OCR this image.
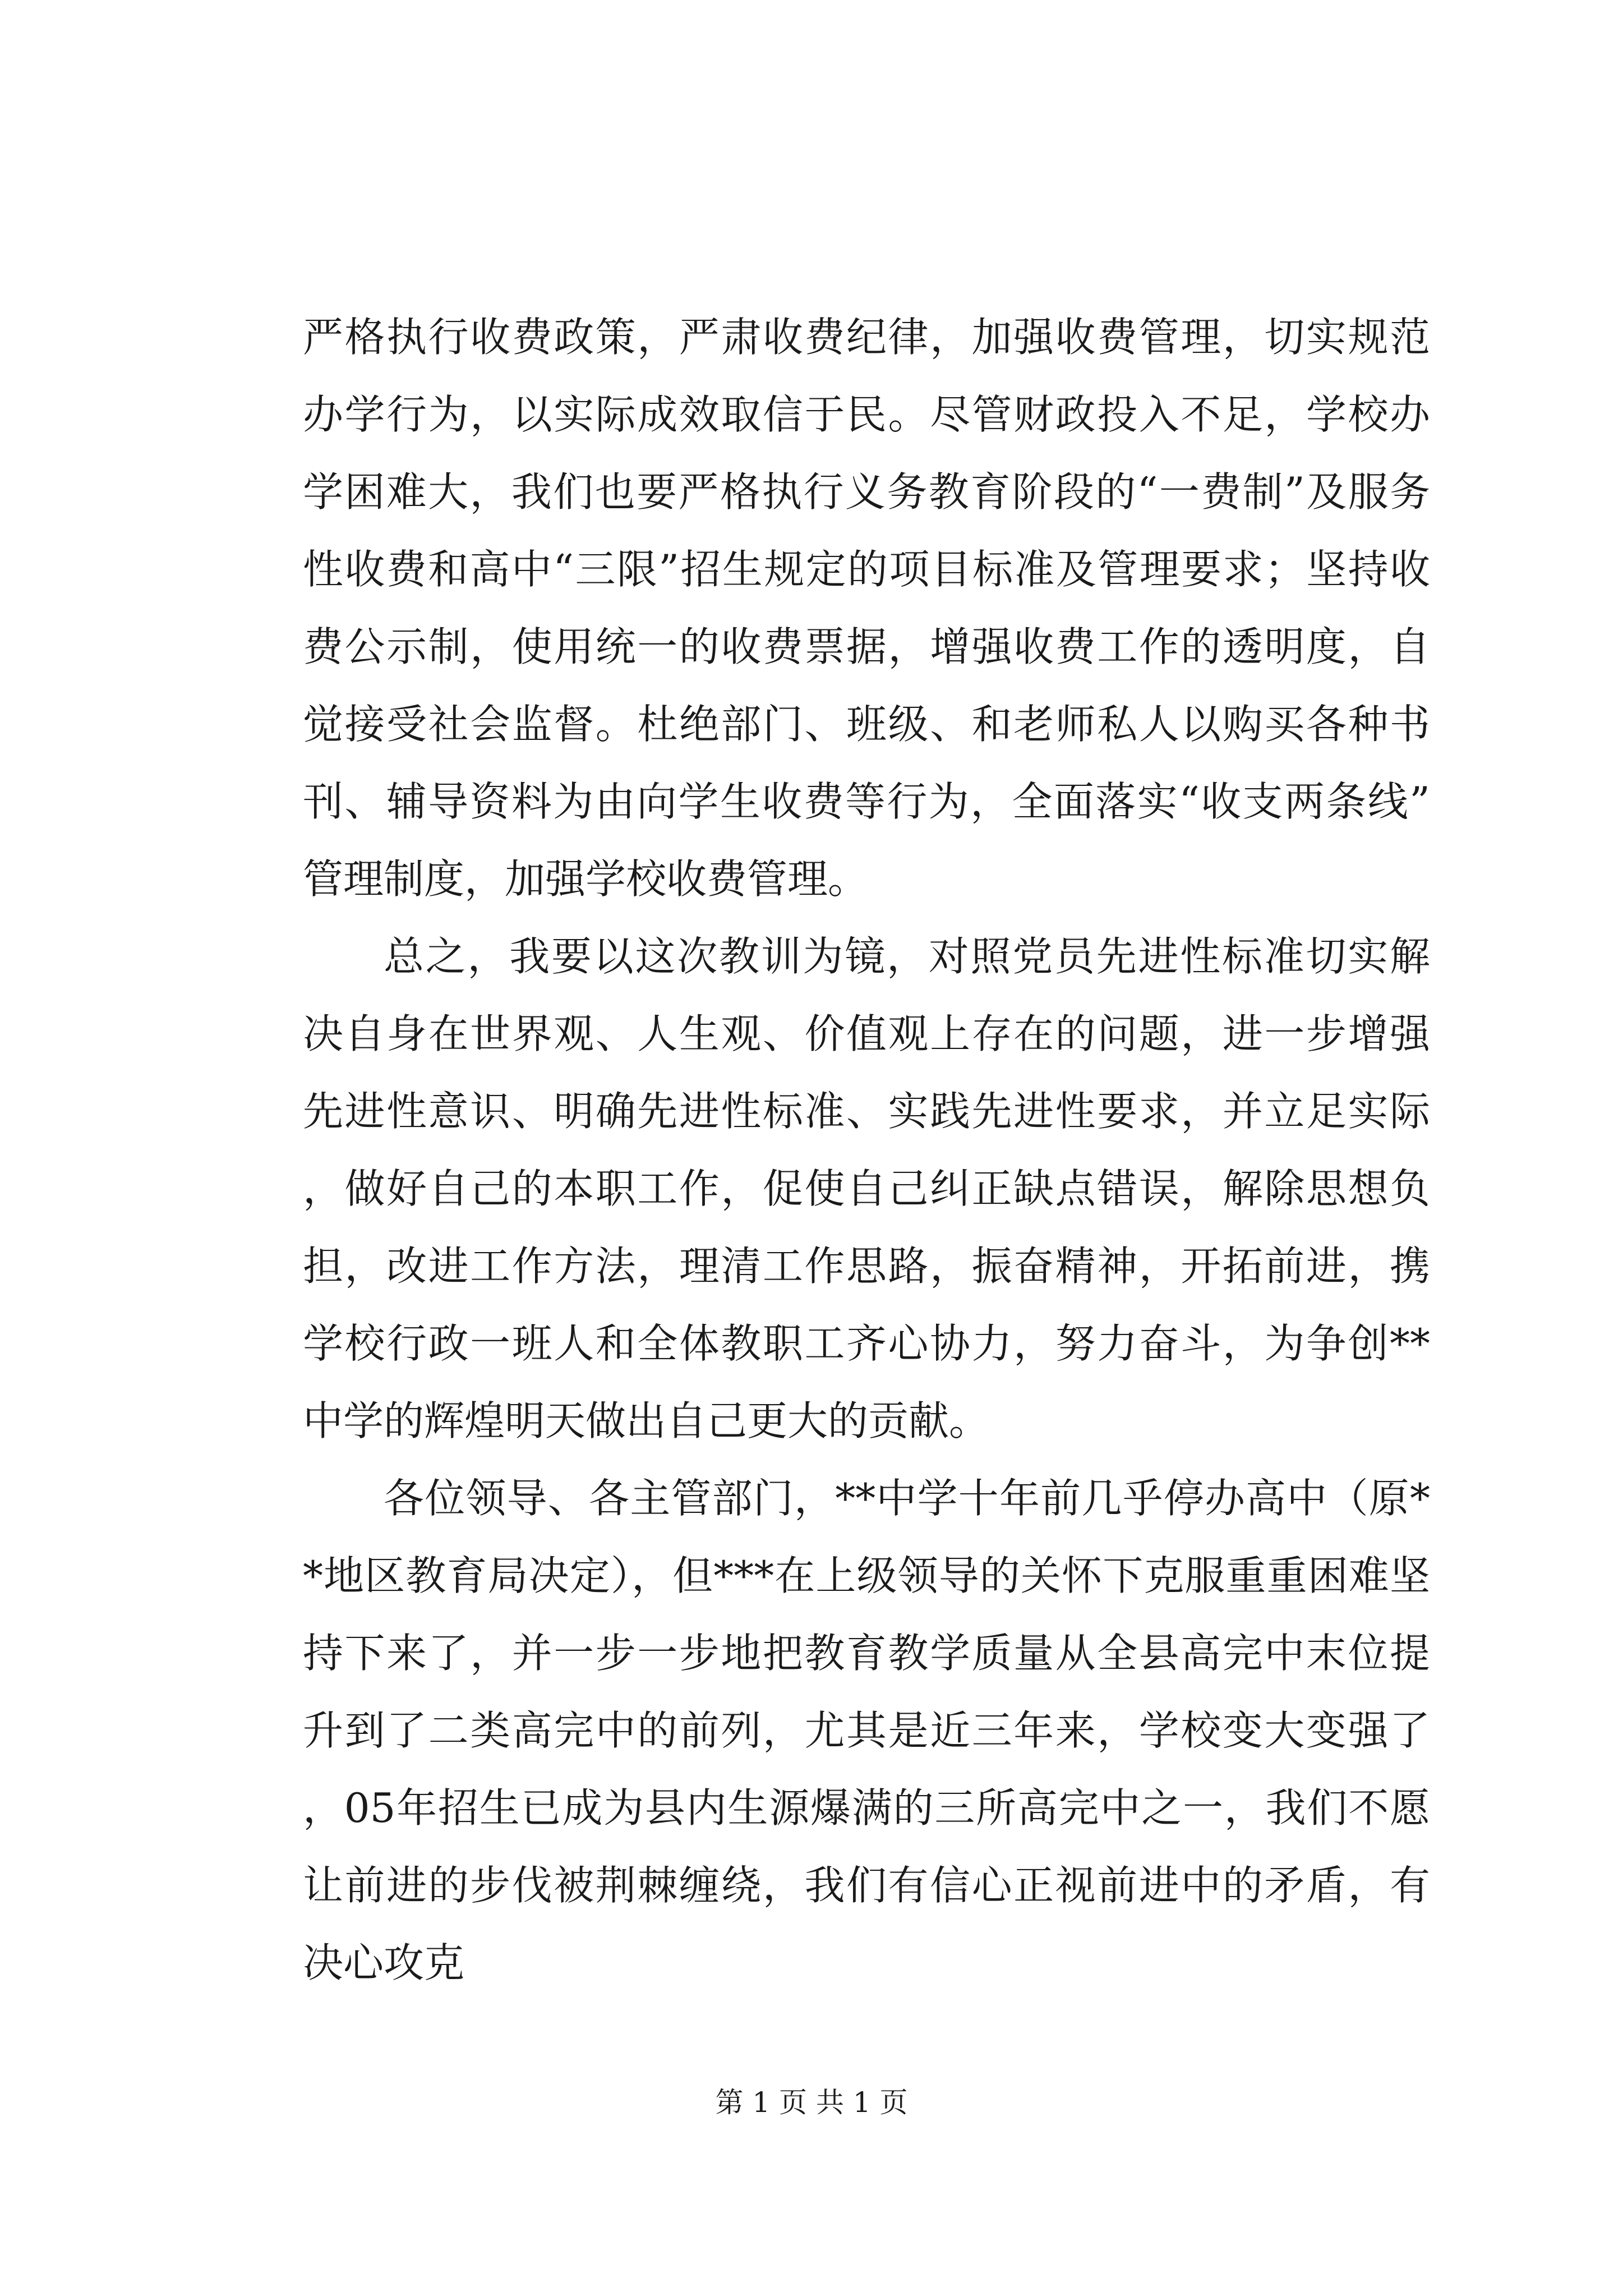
严格执行收费政策，严肃收费纪律，加强收费管理，切实规范办学行为，以实际成效取信于民。尽管财政投入不足，学校办学困难大，我们也要严格执行义务教育阶段的“一费制”及服务性收费和高中“三限”招生规定的项目标准及管理要求；坚持收费公示制，使用统一的收费票据，增强收费工作的透明度，自觉接受社会监督。杜绝部门、班级、和老师私人以购买各种书刊、辅导资料为由向学生收费等行为，全面落实“收支两条线”管理制度，加强学校收费管理。

总之，我要以这次教训为镜，对照党员先进性标准切实解决自身在世界观、人生观、价值观上存在的问题，进一步增强先进性意识、明确先进性标准、实践先进性要求，并立足实际，做好自己的本职工作，促使自己纠正缺点错误，解除思想负担，改进工作方法，理清工作思路，振奋精神，开拓前进，携学校行政一班人和全体教职工齐心协力，努力奋斗，为争创**中学的辉煌明天做出自己更大的贡献。

各位领导、各主管部门，**中学十年前几乎停办高中（原**地区教育局决定），但***在上级领导的关怀下克服重重困难坚持下来了，并一步一步地把教育教学质量从全县高完中末位提升到了二类高完中的前列，尤其是近三年来，学校变大变强了，05年招生已成为县内生源爆满的三所高完中之一，我们不愿让前进的步伐被荆棘缠绕，我们有信心正视前进中的矛盾，有决心攻克

第 1 页 共 1 页
